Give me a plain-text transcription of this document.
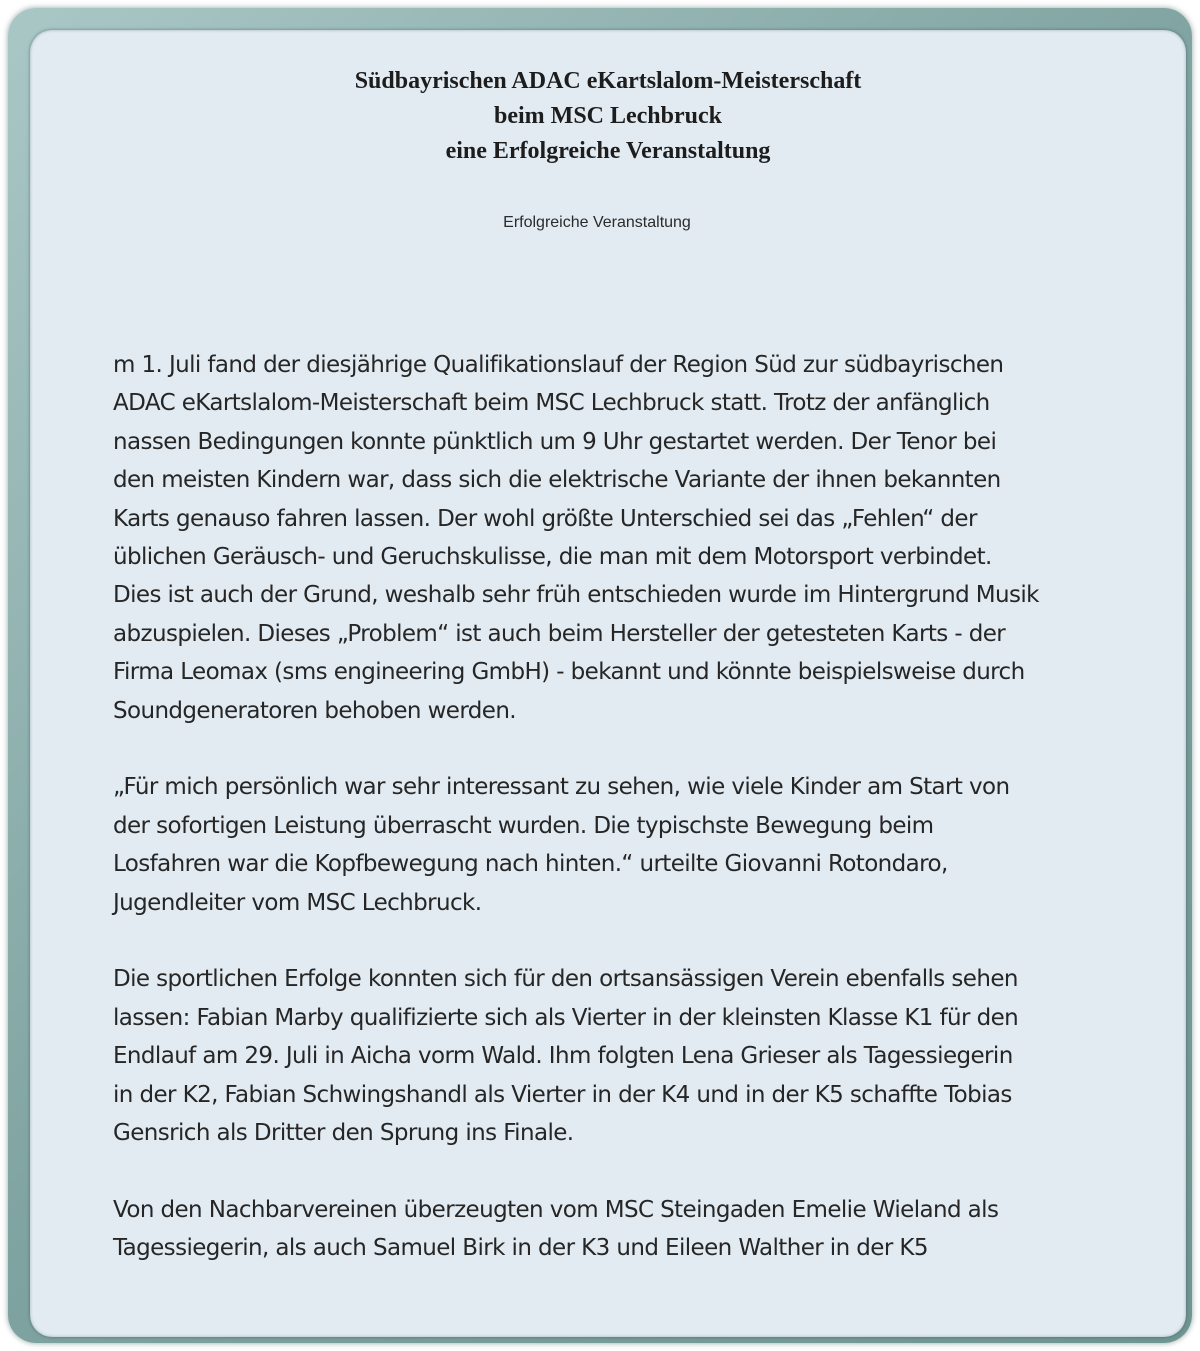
Südbayrischen ADAC eKartslalom-Meisterschaft
beim MSC Lechbruck
eine Erfolgreiche Veranstaltung

Erfolgreiche Veranstaltung

m 1. Juli fand der diesjährige Qualifikationslauf der Region Süd zur südbayrischen
ADAC eKartslalom-Meisterschaft beim MSC Lechbruck statt. Trotz der anfänglich
nassen Bedingungen konnte pünktlich um 9 Uhr gestartet werden. Der Tenor bei
den meisten Kindern war, dass sich die elektrische Variante der ihnen bekannten
Karts genauso fahren lassen. Der wohl größte Unterschied sei das „Fehlen“ der
üblichen Geräusch- und Geruchskulisse, die man mit dem Motorsport verbindet.
Dies ist auch der Grund, weshalb sehr früh entschieden wurde im Hintergrund Musik
abzuspielen. Dieses „Problem“ ist auch beim Hersteller der getesteten Karts - der
Firma Leomax (sms engineering GmbH) - bekannt und könnte beispielsweise durch
Soundgeneratoren behoben werden.

„Für mich persönlich war sehr interessant zu sehen, wie viele Kinder am Start von
der sofortigen Leistung überrascht wurden. Die typischste Bewegung beim
Losfahren war die Kopfbewegung nach hinten.“ urteilte Giovanni Rotondaro,
Jugendleiter vom MSC Lechbruck.

Die sportlichen Erfolge konnten sich für den ortsansässigen Verein ebenfalls sehen
lassen: Fabian Marby qualifizierte sich als Vierter in der kleinsten Klasse K1 für den
Endlauf am 29. Juli in Aicha vorm Wald. Ihm folgten Lena Grieser als Tagessiegerin
in der K2, Fabian Schwingshandl als Vierter in der K4 und in der K5 schaffte Tobias
Gensrich als Dritter den Sprung ins Finale.

Von den Nachbarvereinen überzeugten vom MSC Steingaden Emelie Wieland als
Tagessiegerin, als auch Samuel Birk in der K3 und Eileen Walther in der K5
